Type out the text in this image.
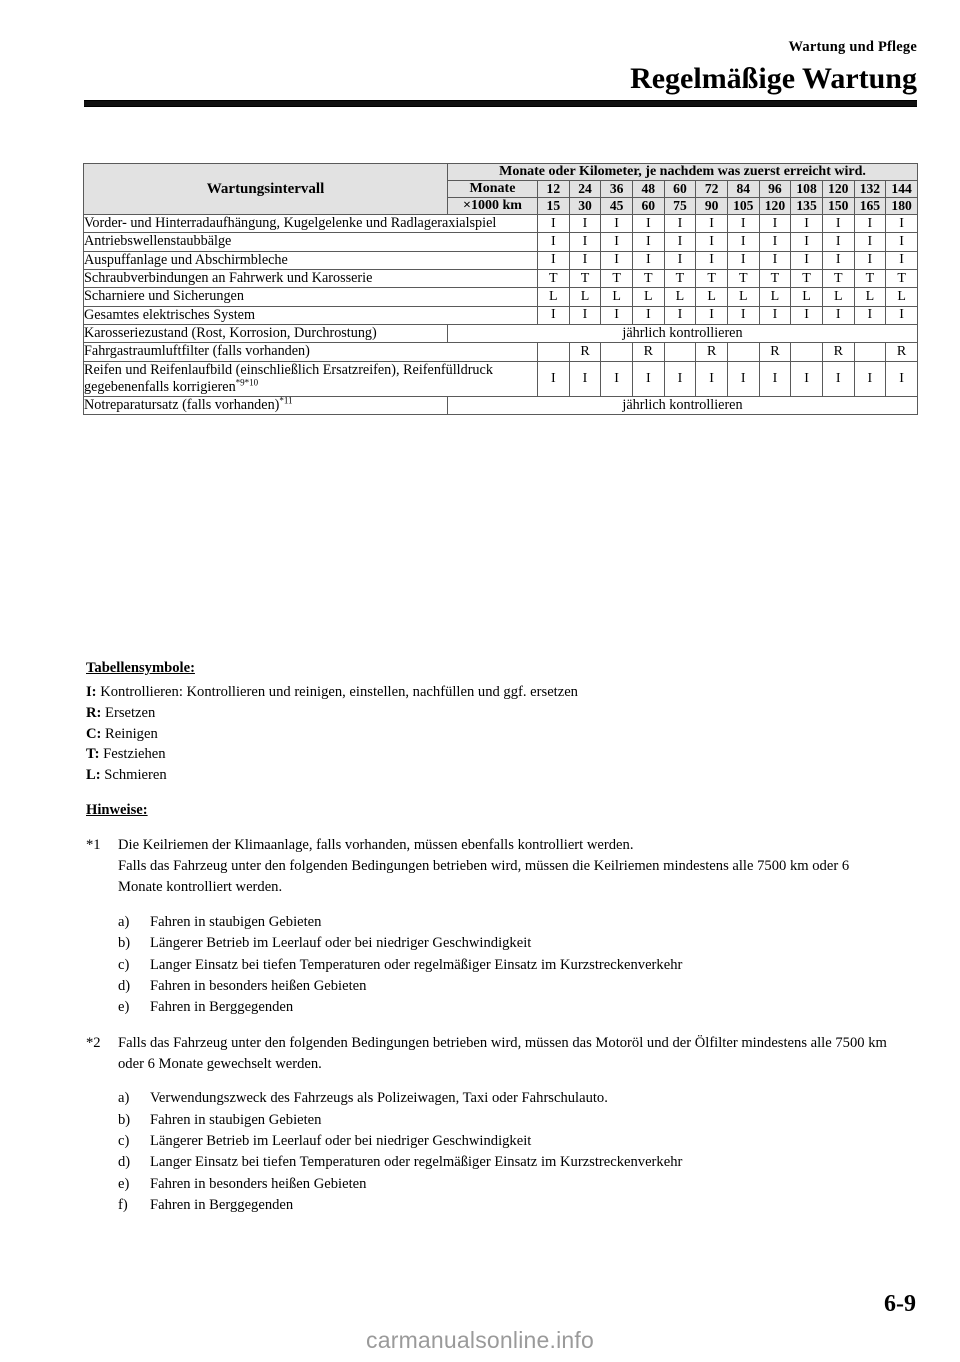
Wartung und Pflege
Regelmäßige Wartung
Wartungsintervall	Monate oder Kilometer, je nachdem was zuerst erreicht wird.												
	Monate	12	24	36	48	60	72	84	96	108	120	132	144
	×1000 km	15	30	45	60	75	90	105	120	135	150	165	180
Vorder- und Hinterradaufhängung, Kugelgelenke und Radlageraxialspiel		I	I	I	I	I	I	I	I	I	I	I	I
Antriebswellenstaubbälge		I	I	I	I	I	I	I	I	I	I	I	I
Auspuffanlage und Abschirmbleche		I	I	I	I	I	I	I	I	I	I	I	I
Schraubverbindungen an Fahrwerk und Karosserie		T	T	T	T	T	T	T	T	T	T	T	T
Scharniere und Sicherungen		L	L	L	L	L	L	L	L	L	L	L	L
Gesamtes elektrisches System		I	I	I	I	I	I	I	I	I	I	I	I
Karosseriezustand (Rost, Korrosion, Durchrostung)	jährlich kontrollieren												
Fahrgastraumluftfilter (falls vorhanden)			R		R		R		R		R		R
Reifen und Reifenlaufbild (einschließlich Ersatzreifen), Reifenfülldruck gegebenenfalls korrigieren$^{*9*10}$		I	I	I	I	I	I	I	I	I	I	I	I
Notreparatursatz (falls vorhanden)$^{*11}$	jährlich kontrollieren												
Tabellensymbole:
I: Kontrollieren: Kontrollieren und reinigen, einstellen, nachfüllen und ggf. ersetzen
R: Ersetzen
C: Reinigen
T: Festziehen
L: Schmieren
Hinweise:
*1	Die Keilriemen der Klimaanlage, falls vorhanden, müssen ebenfalls kontrolliert werden.
Falls das Fahrzeug unter den folgenden Bedingungen betrieben wird, müssen die Keilriemen mindestens alle 7500 km oder 6 Monate kontrolliert werden.
a)	Fahren in staubigen Gebieten
b)	Längerer Betrieb im Leerlauf oder bei niedriger Geschwindigkeit
c)	Langer Einsatz bei tiefen Temperaturen oder regelmäßiger Einsatz im Kurzstreckenverkehr
d)	Fahren in besonders heißen Gebieten
e)	Fahren in Berggegenden
*2	Falls das Fahrzeug unter den folgenden Bedingungen betrieben wird, müssen das Motoröl und der Ölfilter mindestens alle 7500 km oder 6 Monate gewechselt werden.
a)	Verwendungszweck des Fahrzeugs als Polizeiwagen, Taxi oder Fahrschulauto.
b)	Fahren in staubigen Gebieten
c)	Längerer Betrieb im Leerlauf oder bei niedriger Geschwindigkeit
d)	Langer Einsatz bei tiefen Temperaturen oder regelmäßiger Einsatz im Kurzstreckenverkehr
e)	Fahren in besonders heißen Gebieten
f)	Fahren in Berggegenden
6-9
carmanualsonline.info
